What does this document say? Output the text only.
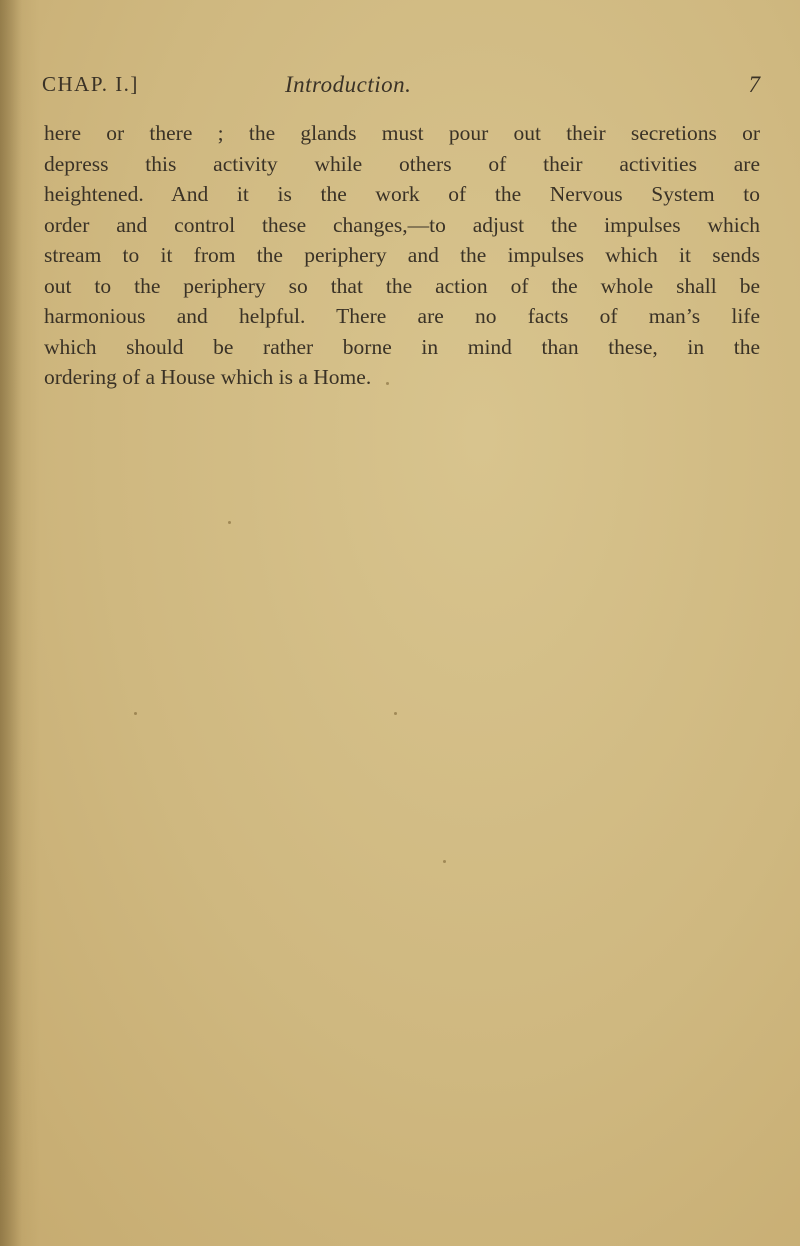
CHAP. I.]	Introduction.	7
here or there ; the glands must pour out their secretions or
depress this activity while others of their activities are
heightened. And it is the work of the Nervous System to
order and control these changes,—to adjust the impulses which
stream to it from the periphery and the impulses which it sends
out to the periphery so that the action of the whole shall be
harmonious and helpful. There are no facts of man’s life
which should be rather borne in mind than these, in the
ordering of a House which is a Home.
